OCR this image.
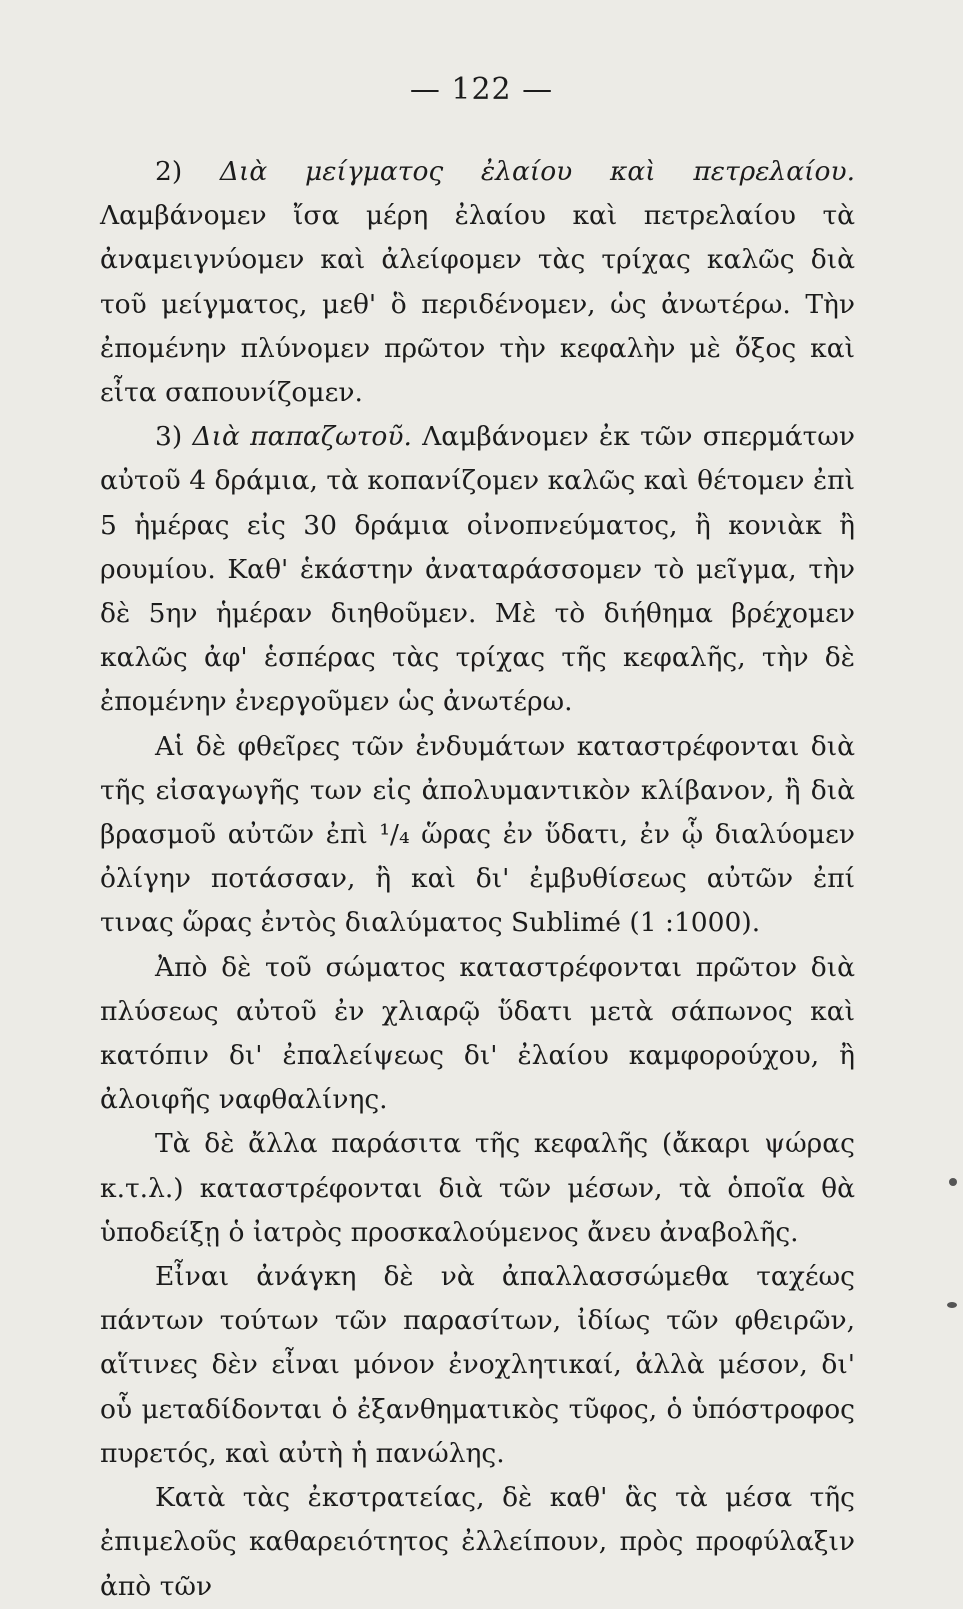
— 122 —

2) Διὰ μείγματος ἐλαίου καὶ πετρελαίου. Λαμβάνομεν ἴσα μέρη ἐλαίου καὶ πετρελαίου τὰ ἀναμειγνύομεν καὶ ἀλείφομεν τὰς τρίχας καλῶς διὰ τοῦ μείγματος, μεθ' ὃ περιδένομεν, ὡς ἀνωτέρω. Τὴν ἐπομένην πλύνομεν πρῶτον τὴν κεφαλὴν μὲ ὄξος καὶ εἶτα σαπουνίζομεν.

3) Διὰ παπαζωτοῦ. Λαμβάνομεν ἐκ τῶν σπερμάτων αὐτοῦ 4 δράμια, τὰ κοπανίζομεν καλῶς καὶ θέτομεν ἐπὶ 5 ἡμέρας εἰς 30 δράμια οἰνοπνεύματος, ἢ κονιὰκ ἢ ρουμίου. Καθ' ἑκάστην ἀναταράσσομεν τὸ μεῖγμα, τὴν δὲ 5ην ἡμέραν διηθοῦμεν. Μὲ τὸ διήθημα βρέχομεν καλῶς ἀφ' ἑσπέρας τὰς τρίχας τῆς κεφαλῆς, τὴν δὲ ἐπομένην ἐνεργοῦμεν ὡς ἀνωτέρω.

Αἱ δὲ φθεῖρες τῶν ἐνδυμάτων καταστρέφονται διὰ τῆς εἰσαγωγῆς των εἰς ἀπολυμαντικὸν κλίβανον, ἢ διὰ βρασμοῦ αὐτῶν ἐπὶ ¹/₄ ὥρας ἐν ὕδατι, ἐν ᾧ διαλύομεν ὀλίγην ποτάσσαν, ἢ καὶ δι' ἐμβυθίσεως αὐτῶν ἐπί τινας ὥρας ἐντὸς διαλύματος Sublimé (1 :1000).

Ἀπὸ δὲ τοῦ σώματος καταστρέφονται πρῶτον διὰ πλύσεως αὐτοῦ ἐν χλιαρῷ ὕδατι μετὰ σάπωνος καὶ κατόπιν δι' ἐπαλείψεως δι' ἐλαίου καμφορούχου, ἢ ἀλοιφῆς ναφθαλίνης.

Τὰ δὲ ἄλλα παράσιτα τῆς κεφαλῆς (ἄκαρι ψώρας κ.τ.λ.) καταστρέφονται διὰ τῶν μέσων, τὰ ὁποῖα θὰ ὑποδείξῃ ὁ ἰατρὸς προσκαλούμενος ἄνευ ἀναβολῆς.

Εἶναι ἀνάγκη δὲ νὰ ἀπαλλασσώμεθα ταχέως πάντων τούτων τῶν παρασίτων, ἰδίως τῶν φθειρῶν, αἵτινες δὲν εἶναι μόνον ἐνοχλητικαί, ἀλλὰ μέσον, δι' οὗ μεταδίδονται ὁ ἐξανθηματικὸς τῦφος, ὁ ὑπόστροφος πυρετός, καὶ αὐτὴ ἡ πανώλης.

Κατὰ τὰς ἐκστρατείας, δὲ καθ' ἃς τὰ μέσα τῆς ἐπιμελοῦς καθαρειότητος ἐλλείπουν, πρὸς προφύλαξιν ἀπὸ τῶν
